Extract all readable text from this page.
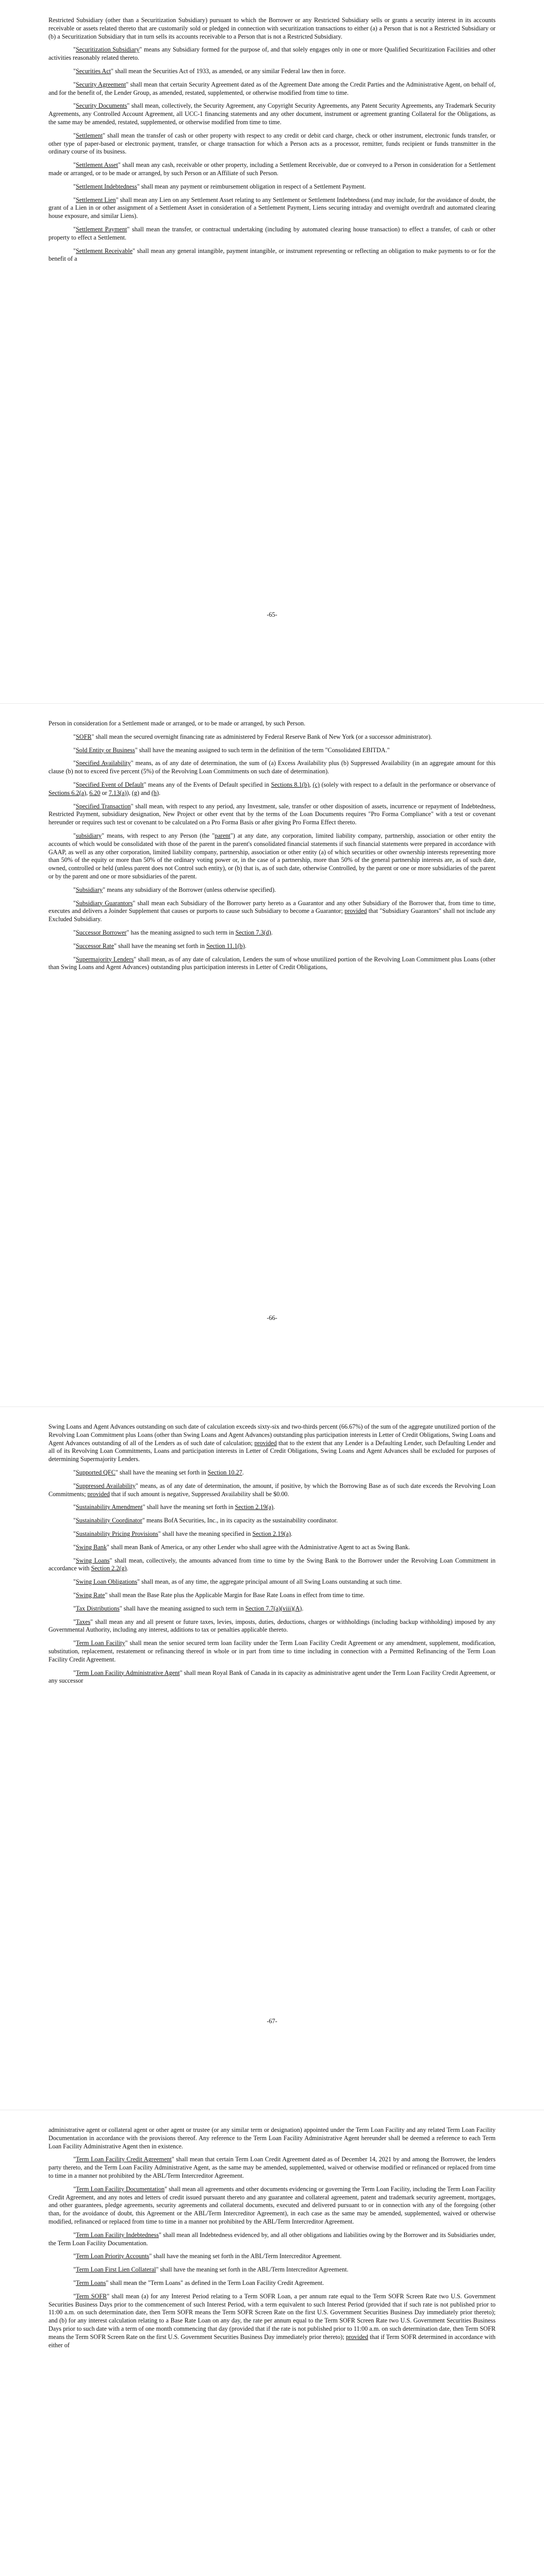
Restricted Subsidiary (other than a Securitization Subsidiary) pursuant to which the Borrower or any Restricted Subsidiary sells or grants a security interest in its accounts receivable or assets related thereto that are customarily sold or pledged in connection with securitization transactions to either (a) a Person that is not a Restricted Subsidiary or (b) a Securitization Subsidiary that in turn sells its accounts receivable to a Person that is not a Restricted Subsidiary.

"Securitization Subsidiary" means any Subsidiary formed for the purpose of, and that solely engages only in one or more Qualified Securitization Facilities and other activities reasonably related thereto.

"Securities Act" shall mean the Securities Act of 1933, as amended, or any similar Federal law then in force.

"Security Agreement" shall mean that certain Security Agreement dated as of the Agreement Date among the Credit Parties and the Administrative Agent, on behalf of, and for the benefit of, the Lender Group, as amended, restated, supplemented, or otherwise modified from time to time.

"Security Documents" shall mean, collectively, the Security Agreement, any Copyright Security Agreements, any Patent Security Agreements, any Trademark Security Agreements, any Controlled Account Agreement, all UCC-1 financing statements and any other document, instrument or agreement granting Collateral for the Obligations, as the same may be amended, restated, supplemented, or otherwise modified from time to time.

"Settlement" shall mean the transfer of cash or other property with respect to any credit or debit card charge, check or other instrument, electronic funds transfer, or other type of paper-based or electronic payment, transfer, or charge transaction for which a Person acts as a processor, remitter, funds recipient or funds transmitter in the ordinary course of its business.

"Settlement Asset" shall mean any cash, receivable or other property, including a Settlement Receivable, due or conveyed to a Person in consideration for a Settlement made or arranged, or to be made or arranged, by such Person or an Affiliate of such Person.

"Settlement Indebtedness" shall mean any payment or reimbursement obligation in respect of a Settlement Payment.

"Settlement Lien" shall mean any Lien on any Settlement Asset relating to any Settlement or Settlement Indebtedness (and may include, for the avoidance of doubt, the grant of a Lien in or other assignment of a Settlement Asset in consideration of a Settlement Payment, Liens securing intraday and overnight overdraft and automated clearing house exposure, and similar Liens).

"Settlement Payment" shall mean the transfer, or contractual undertaking (including by automated clearing house transaction) to effect a transfer, of cash or other property to effect a Settlement.

"Settlement Receivable" shall mean any general intangible, payment intangible, or instrument representing or reflecting an obligation to make payments to or for the benefit of a

-65-

Person in consideration for a Settlement made or arranged, or to be made or arranged, by such Person.

"SOFR" shall mean the secured overnight financing rate as administered by Federal Reserve Bank of New York (or a successor administrator).

"Sold Entity or Business" shall have the meaning assigned to such term in the definition of the term "Consolidated EBITDA."

"Specified Availability" means, as of any date of determination, the sum of (a) Excess Availability plus (b) Suppressed Availability (in an aggregate amount for this clause (b) not to exceed five percent (5%) of the Revolving Loan Commitments on such date of determination).

"Specified Event of Default" means any of the Events of Default specified in Sections 8.1(b), (c) (solely with respect to a default in the performance or observance of Sections 6.2(a), 6.20 or 7.13(a)), (g) and (h).

"Specified Transaction" shall mean, with respect to any period, any Investment, sale, transfer or other disposition of assets, incurrence or repayment of Indebtedness, Restricted Payment, subsidiary designation, New Project or other event that by the terms of the Loan Documents requires "Pro Forma Compliance" with a test or covenant hereunder or requires such test or covenant to be calculated on a Pro Forma Basis or after giving Pro Forma Effect thereto.

"subsidiary" means, with respect to any Person (the "parent") at any date, any corporation, limited liability company, partnership, association or other entity the accounts of which would be consolidated with those of the parent in the parent's consolidated financial statements if such financial statements were prepared in accordance with GAAP, as well as any other corporation, limited liability company, partnership, association or other entity (a) of which securities or other ownership interests representing more than 50% of the equity or more than 50% of the ordinary voting power or, in the case of a partnership, more than 50% of the general partnership interests are, as of such date, owned, controlled or held (unless parent does not Control such entity), or (b) that is, as of such date, otherwise Controlled, by the parent or one or more subsidiaries of the parent or by the parent and one or more subsidiaries of the parent.

"Subsidiary" means any subsidiary of the Borrower (unless otherwise specified).

"Subsidiary Guarantors" shall mean each Subsidiary of the Borrower party hereto as a Guarantor and any other Subsidiary of the Borrower that, from time to time, executes and delivers a Joinder Supplement that causes or purports to cause such Subsidiary to become a Guarantor; provided that "Subsidiary Guarantors" shall not include any Excluded Subsidiary.

"Successor Borrower" has the meaning assigned to such term in Section 7.3(d).

"Successor Rate" shall have the meaning set forth in Section 11.1(b).

"Supermajority Lenders" shall mean, as of any date of calculation, Lenders the sum of whose unutilized portion of the Revolving Loan Commitment plus Loans (other than Swing Loans and Agent Advances) outstanding plus participation interests in Letter of Credit Obligations,

-66-

Swing Loans and Agent Advances outstanding on such date of calculation exceeds sixty-six and two-thirds percent (66.67%) of the sum of the aggregate unutilized portion of the Revolving Loan Commitment plus Loans (other than Swing Loans and Agent Advances) outstanding plus participation interests in Letter of Credit Obligations, Swing Loans and Agent Advances outstanding of all of the Lenders as of such date of calculation; provided that to the extent that any Lender is a Defaulting Lender, such Defaulting Lender and all of its Revolving Loan Commitments, Loans and participation interests in Letter of Credit Obligations, Swing Loans and Agent Advances shall be excluded for purposes of determining Supermajority Lenders.

"Supported QFC" shall have the meaning set forth in Section 10.27.

"Suppressed Availability" means, as of any date of determination, the amount, if positive, by which the Borrowing Base as of such date exceeds the Revolving Loan Commitments; provided that if such amount is negative, Suppressed Availability shall be $0.00.

"Sustainability Amendment" shall have the meaning set forth in Section 2.19(a).

"Sustainability Coordinator" means BofA Securities, Inc., in its capacity as the sustainability coordinator.

"Sustainability Pricing Provisions" shall have the meaning specified in Section 2.19(a).

"Swing Bank" shall mean Bank of America, or any other Lender who shall agree with the Administrative Agent to act as Swing Bank.

"Swing Loans" shall mean, collectively, the amounts advanced from time to time by the Swing Bank to the Borrower under the Revolving Loan Commitment in accordance with Section 2.2(g).

"Swing Loan Obligations" shall mean, as of any time, the aggregate principal amount of all Swing Loans outstanding at such time.

"Swing Rate" shall mean the Base Rate plus the Applicable Margin for Base Rate Loans in effect from time to time.

"Tax Distributions" shall have the meaning assigned to such term in Section 7.7(a)(viii)(A).

"Taxes" shall mean any and all present or future taxes, levies, imposts, duties, deductions, charges or withholdings (including backup withholding) imposed by any Governmental Authority, including any interest, additions to tax or penalties applicable thereto.

"Term Loan Facility" shall mean the senior secured term loan facility under the Term Loan Facility Credit Agreement or any amendment, supplement, modification, substitution, replacement, restatement or refinancing thereof in whole or in part from time to time including in connection with a Permitted Refinancing of the Term Loan Facility Credit Agreement.

"Term Loan Facility Administrative Agent" shall mean Royal Bank of Canada in its capacity as administrative agent under the Term Loan Facility Credit Agreement, or any successor

-67-

administrative agent or collateral agent or other agent or trustee (or any similar term or designation) appointed under the Term Loan Facility and any related Term Loan Facility Documentation in accordance with the provisions thereof. Any reference to the Term Loan Facility Administrative Agent hereunder shall be deemed a reference to each Term Loan Facility Administrative Agent then in existence.

"Term Loan Facility Credit Agreement" shall mean that certain Term Loan Credit Agreement dated as of December 14, 2021 by and among the Borrower, the lenders party thereto, and the Term Loan Facility Administrative Agent, as the same may be amended, supplemented, waived or otherwise modified or refinanced or replaced from time to time in a manner not prohibited by the ABL/Term Intercreditor Agreement.

"Term Loan Facility Documentation" shall mean all agreements and other documents evidencing or governing the Term Loan Facility, including the Term Loan Facility Credit Agreement, and any notes and letters of credit issued pursuant thereto and any guarantee and collateral agreement, patent and trademark security agreement, mortgages, and other guarantees, pledge agreements, security agreements and collateral documents, executed and delivered pursuant to or in connection with any of the foregoing (other than, for the avoidance of doubt, this Agreement or the ABL/Term Intercreditor Agreement), in each case as the same may be amended, supplemented, waived or otherwise modified, refinanced or replaced from time to time in a manner not prohibited by the ABL/Term Intercreditor Agreement.

"Term Loan Facility Indebtedness" shall mean all Indebtedness evidenced by, and all other obligations and liabilities owing by the Borrower and its Subsidiaries under, the Term Loan Facility Documentation.

"Term Loan Priority Accounts" shall have the meaning set forth in the ABL/Term Intercreditor Agreement.

"Term Loan First Lien Collateral" shall have the meaning set forth in the ABL/Term Intercreditor Agreement.

"Term Loans" shall mean the "Term Loans" as defined in the Term Loan Facility Credit Agreement.

"Term SOFR" shall mean (a) for any Interest Period relating to a Term SOFR Loan, a per annum rate equal to the Term SOFR Screen Rate two U.S. Government Securities Business Days prior to the commencement of such Interest Period, with a term equivalent to such Interest Period (provided that if such rate is not published prior to 11:00 a.m. on such determination date, then Term SOFR means the Term SOFR Screen Rate on the first U.S. Government Securities Business Day immediately prior thereto); and (b) for any interest calculation relating to a Base Rate Loan on any day, the rate per annum equal to the Term SOFR Screen Rate two U.S. Government Securities Business Days prior to such date with a term of one month commencing that day (provided that if the rate is not published prior to 11:00 a.m. on such determination date, then Term SOFR means the Term SOFR Screen Rate on the first U.S. Government Securities Business Day immediately prior thereto); provided that if Term SOFR determined in accordance with either of
